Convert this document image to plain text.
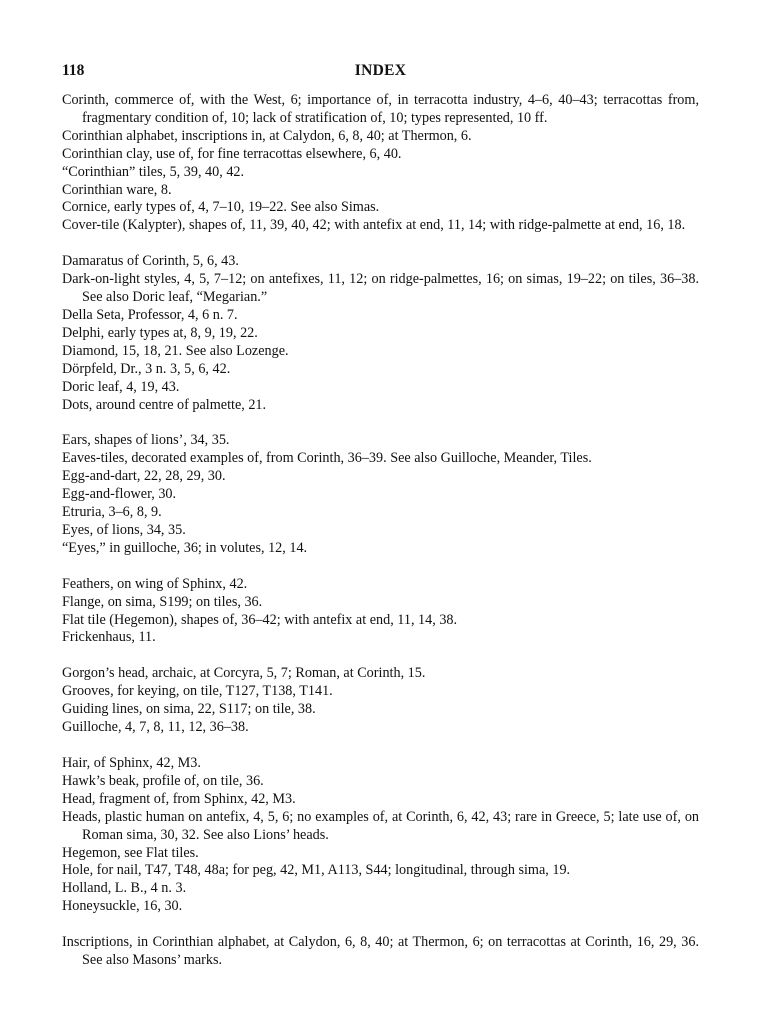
118	INDEX

Corinth, commerce of, with the West, 6; importance of, in terracotta industry, 4–6, 40–43; terracottas from, fragmentary condition of, 10; lack of stratification of, 10; types represented, 10 ff.

Corinthian alphabet, inscriptions in, at Calydon, 6, 8, 40; at Thermon, 6.

Corinthian clay, use of, for fine terracottas elsewhere, 6, 40.

“Corinthian” tiles, 5, 39, 40, 42.

Corinthian ware, 8.

Cornice, early types of, 4, 7–10, 19–22. See also Simas.

Cover-tile (Kalypter), shapes of, 11, 39, 40, 42; with antefix at end, 11, 14; with ridge-palmette at end, 16, 18.

Damaratus of Corinth, 5, 6, 43.

Dark-on-light styles, 4, 5, 7–12; on antefixes, 11, 12; on ridge-palmettes, 16; on simas, 19–22; on tiles, 36–38. See also Doric leaf, “Megarian.”

Della Seta, Professor, 4, 6 n. 7.

Delphi, early types at, 8, 9, 19, 22.

Diamond, 15, 18, 21. See also Lozenge.

Dörpfeld, Dr., 3 n. 3, 5, 6, 42.

Doric leaf, 4, 19, 43.

Dots, around centre of palmette, 21.

Ears, shapes of lions’, 34, 35.

Eaves-tiles, decorated examples of, from Corinth, 36–39. See also Guilloche, Meander, Tiles.

Egg-and-dart, 22, 28, 29, 30.

Egg-and-flower, 30.

Etruria, 3–6, 8, 9.

Eyes, of lions, 34, 35.

“Eyes,” in guilloche, 36; in volutes, 12, 14.

Feathers, on wing of Sphinx, 42.

Flange, on sima, S199; on tiles, 36.

Flat tile (Hegemon), shapes of, 36–42; with antefix at end, 11, 14, 38.

Frickenhaus, 11.

Gorgon’s head, archaic, at Corcyra, 5, 7; Roman, at Corinth, 15.

Grooves, for keying, on tile, T127, T138, T141.

Guiding lines, on sima, 22, S117; on tile, 38.

Guilloche, 4, 7, 8, 11, 12, 36–38.

Hair, of Sphinx, 42, M3.

Hawk’s beak, profile of, on tile, 36.

Head, fragment of, from Sphinx, 42, M3.

Heads, plastic human on antefix, 4, 5, 6; no examples of, at Corinth, 6, 42, 43; rare in Greece, 5; late use of, on Roman sima, 30, 32. See also Lions’ heads.

Hegemon, see Flat tiles.

Hole, for nail, T47, T48, 48a; for peg, 42, M1, A113, S44; longitudinal, through sima, 19.

Holland, L. B., 4 n. 3.

Honeysuckle, 16, 30.

Inscriptions, in Corinthian alphabet, at Calydon, 6, 8, 40; at Thermon, 6; on terracottas at Corinth, 16, 29, 36. See also Masons’ marks.
